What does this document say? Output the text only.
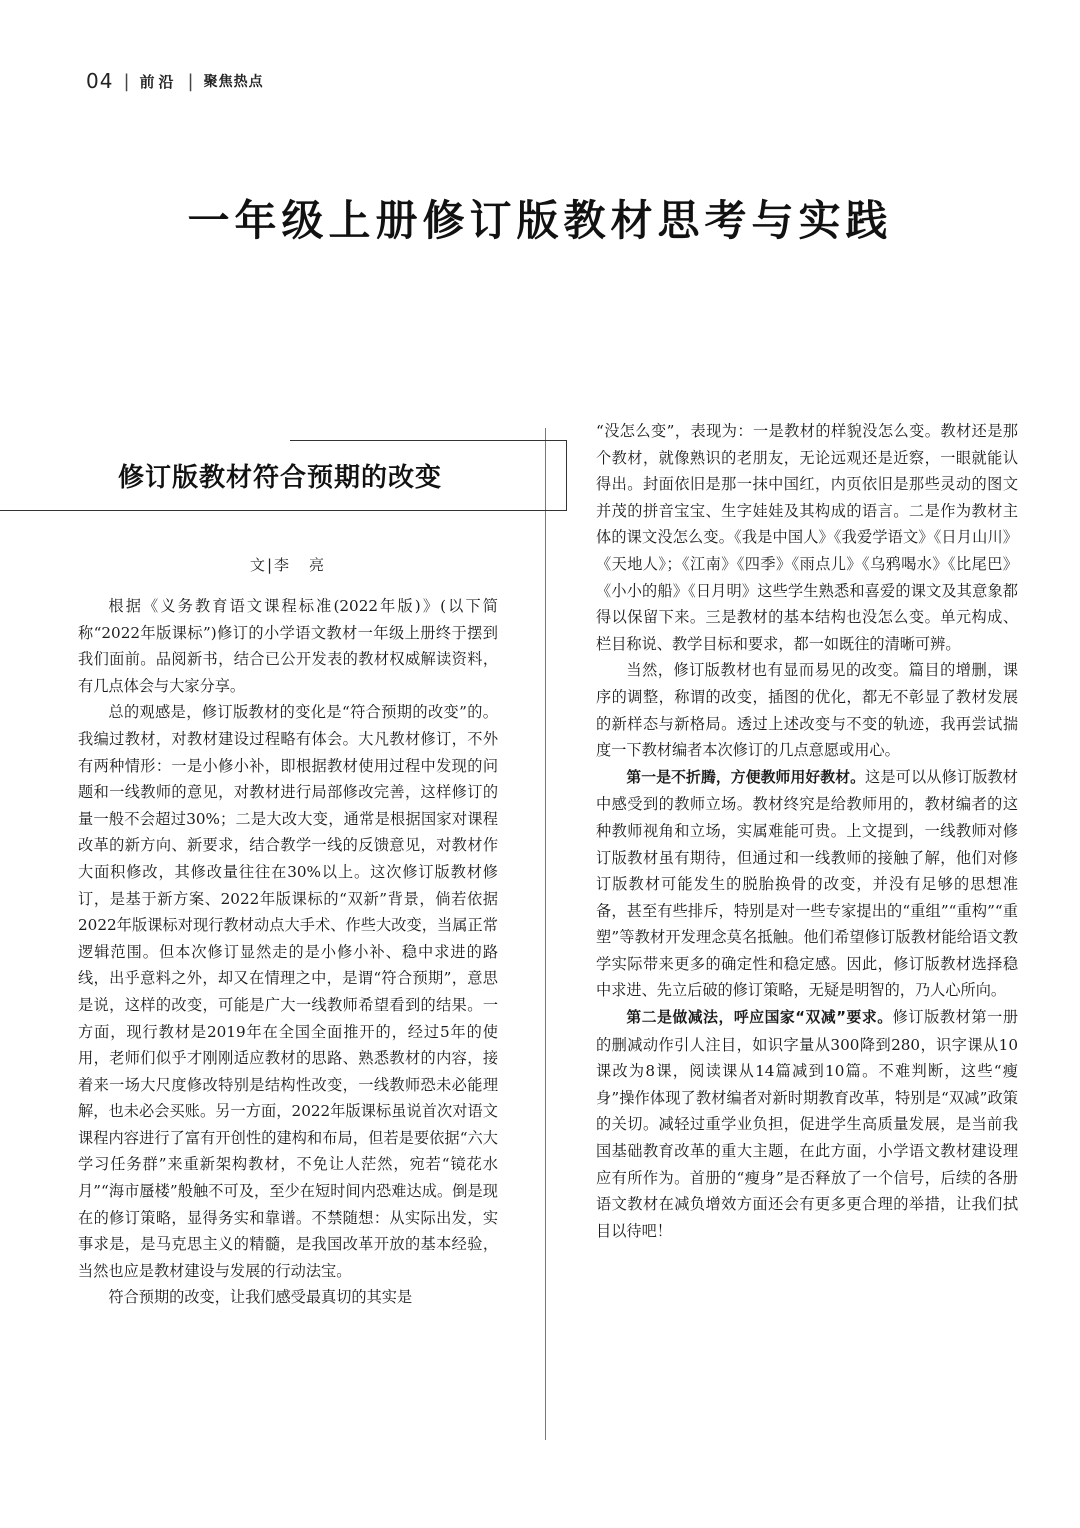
04 | 前沿 | 聚焦热点
一年级上册修订版教材思考与实践
修订版教材符合预期的改变
文|李 亮

根据《义务教育语文课程标准(2022年版)》(以下简称“2022年版课标”)修订的小学语文教材一年级上册终于摆到我们面前。品阅新书，结合已公开发表的教材权威解读资料，有几点体会与大家分享。

总的观感是，修订版教材的变化是“符合预期的改变”的。我编过教材，对教材建设过程略有体会。大凡教材修订，不外有两种情形：一是小修小补，即根据教材使用过程中发现的问题和一线教师的意见，对教材进行局部修改完善，这样修订的量一般不会超过30%；二是大改大变，通常是根据国家对课程改革的新方向、新要求，结合教学一线的反馈意见，对教材作大面积修改，其修改量往往在30%以上。这次修订版教材修订，是基于新方案、2022年版课标的“双新”背景，倘若依据2022年版课标对现行教材动点大手术、作些大改变，当属正常逻辑范围。但本次修订显然走的是小修小补、稳中求进的路线，出乎意料之外，却又在情理之中，是谓“符合预期”，意思是说，这样的改变，可能是广大一线教师希望看到的结果。一方面，现行教材是2019年在全国全面推开的，经过5年的使用，老师们似乎才刚刚适应教材的思路、熟悉教材的内容，接着来一场大尺度修改特别是结构性改变，一线教师恐未必能理解，也未必会买账。另一方面，2022年版课标虽说首次对语文课程内容进行了富有开创性的建构和布局，但若是要依据“六大学习任务群”来重新架构教材，不免让人茫然，宛若“镜花水月”“海市蜃楼”般触不可及，至少在短时间内恐难达成。倒是现在的修订策略，显得务实和靠谱。不禁随想：从实际出发，实事求是，是马克思主义的精髓，是我国改革开放的基本经验，当然也应是教材建设与发展的行动法宝。

符合预期的改变，让我们感受最真切的其实是

“没怎么变”，表现为：一是教材的样貌没怎么变。教材还是那个教材，就像熟识的老朋友，无论远观还是近察，一眼就能认得出。封面依旧是那一抹中国红，内页依旧是那些灵动的图文并茂的拼音宝宝、生字娃娃及其构成的语言。二是作为教材主体的课文没怎么变。《我是中国人》《我爱学语文》《日月山川》《天地人》；《江南》《四季》《雨点儿》《乌鸦喝水》《比尾巴》《小小的船》《日月明》这些学生熟悉和喜爱的课文及其意象都得以保留下来。三是教材的基本结构也没怎么变。单元构成、栏目称说、教学目标和要求，都一如既往的清晰可辨。

当然，修订版教材也有显而易见的改变。篇目的增删，课序的调整，称谓的改变，插图的优化，都无不彰显了教材发展的新样态与新格局。透过上述改变与不变的轨迹，我再尝试揣度一下教材编者本次修订的几点意愿或用心。

第一是不折腾，方便教师用好教材。这是可以从修订版教材中感受到的教师立场。教材终究是给教师用的，教材编者的这种教师视角和立场，实属难能可贵。上文提到，一线教师对修订版教材虽有期待，但通过和一线教师的接触了解，他们对修订版教材可能发生的脱胎换骨的改变，并没有足够的思想准备，甚至有些排斥，特别是对一些专家提出的“重组”“重构”“重塑”等教材开发理念莫名抵触。他们希望修订版教材能给语文教学实际带来更多的确定性和稳定感。因此，修订版教材选择稳中求进、先立后破的修订策略，无疑是明智的，乃人心所向。

第二是做减法，呼应国家“双减”要求。修订版教材第一册的删减动作引人注目，如识字量从300降到280，识字课从10课改为8课，阅读课从14篇减到10篇。不难判断，这些“瘦身”操作体现了教材编者对新时期教育改革，特别是“双减”政策的关切。减轻过重学业负担，促进学生高质量发展，是当前我国基础教育改革的重大主题，在此方面，小学语文教材建设理应有所作为。首册的“瘦身”是否释放了一个信号，后续的各册语文教材在减负增效方面还会有更多更合理的举措，让我们拭目以待吧！
